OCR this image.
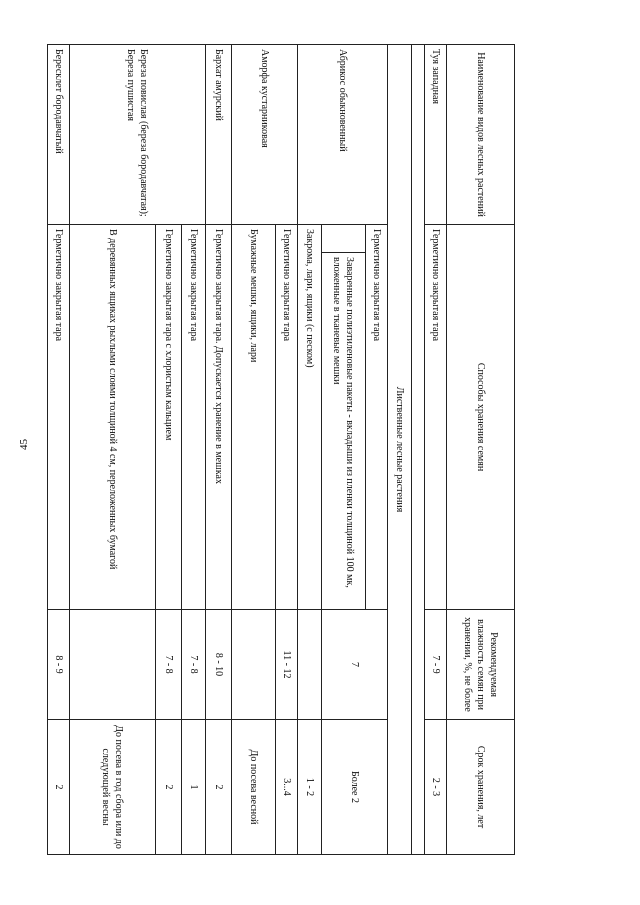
45
Наименование видов лесных растений	Способы хранения семян		Рекомендуемая влажность семян при хранении, %, не более	Срок хранения, лет
Туя западная	Герметично закрытая тара		7 - 9	2 - 3

Лиственные лесные растения				
Абрикос обыкновенный	Герметично закрытая тара		7	Более 2
		Заваренные полиэтиленовые пакеты - вкладыши из пленки толщиной 100 мк, вложенные в тканевые мешки		
	Закрома, лари, ящики (с песком)			1 - 2
Аморфа кустарниковая	Герметично закрытая тара		11 - 12	3...4
	Бумажные мешки, ящики, лари			До посева весной
Бархат амурский	Герметично закрытая тара. Допускается хранение в мешках		8 - 10	2
Береза повислая (береза бородавчатая); Береза пушистая	Герметично закрытая тара		7 - 8	1
	Герметично закрытая тара с хлористым кальцием		7 - 8	2
	В деревянных ящиках рыхлыми слоями толщиной 4 см, переложенных бумагой			До посева в год сбора или до следующей весны
Бересклет бородавчатый	Герметично закрытая тара		8 - 9	2
